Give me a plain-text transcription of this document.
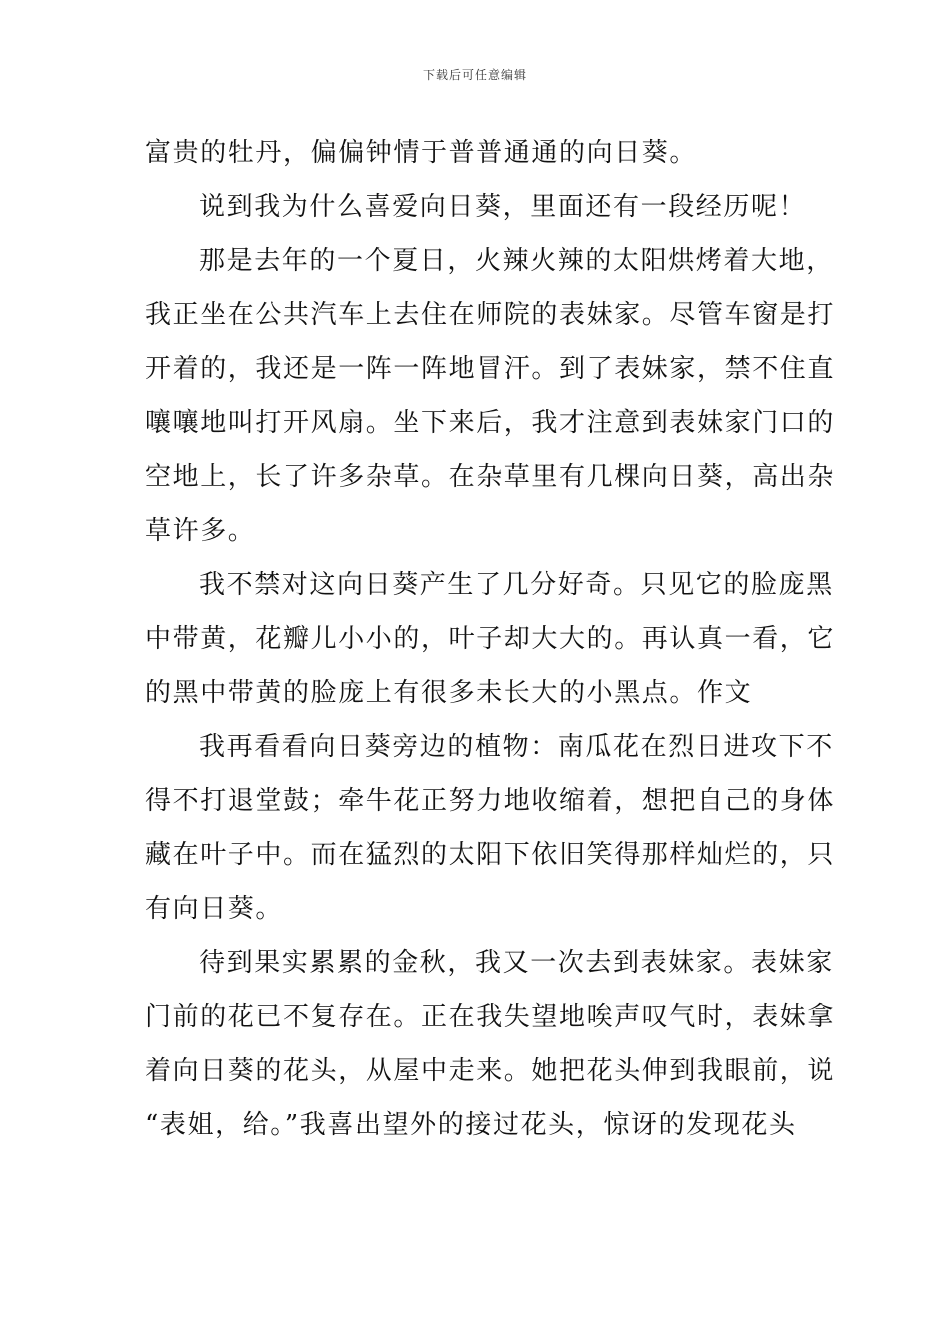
下载后可任意编辑
富贵的牡丹，偏偏钟情于普普通通的向日葵。
说到我为什么喜爱向日葵，里面还有一段经历呢！
那是去年的一个夏日，火辣火辣的太阳烘烤着大地，
我正坐在公共汽车上去住在师院的表妹家。尽管车窗是打
开着的，我还是一阵一阵地冒汗。到了表妹家，禁不住直
嚷嚷地叫打开风扇。坐下来后，我才注意到表妹家门口的
空地上，长了许多杂草。在杂草里有几棵向日葵，高出杂
草许多。
我不禁对这向日葵产生了几分好奇。只见它的脸庞黑
中带黄，花瓣儿小小的，叶子却大大的。再认真一看，它
的黑中带黄的脸庞上有很多未长大的小黑点。作文
我再看看向日葵旁边的植物：南瓜花在烈日进攻下不
得不打退堂鼓；牵牛花正努力地收缩着，想把自己的身体
藏在叶子中。而在猛烈的太阳下依旧笑得那样灿烂的，只
有向日葵。
待到果实累累的金秋，我又一次去到表妹家。表妹家
门前的花已不复存在。正在我失望地唉声叹气时，表妹拿
着向日葵的花头，从屋中走来。她把花头伸到我眼前，说
“表姐，给。”我喜出望外的接过花头，惊讶的发现花头
